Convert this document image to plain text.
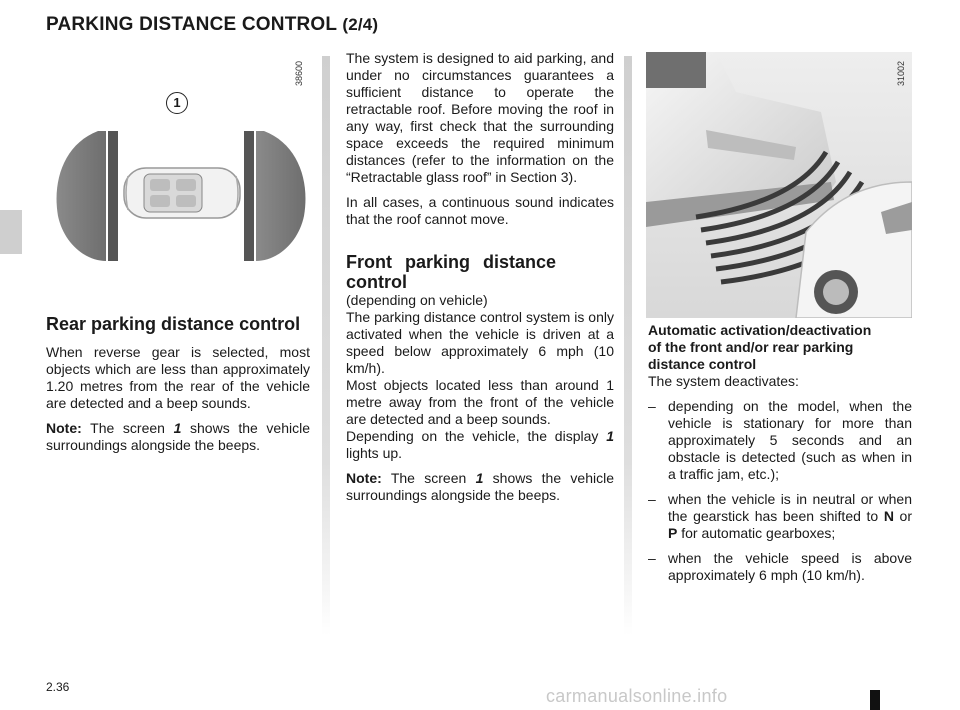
PARKING DISTANCE CONTROL (2/4)
1
38600	31002
Rear parking distance control

When reverse gear is selected, most objects which are less than approximately 1.20 metres from the rear of the vehicle are detected and a beep sounds.

Note: The screen 1 shows the vehicle surroundings alongside the beeps.

The system is designed to aid parking, and under no circumstances guarantees a sufficient distance to operate the retractable roof. Before moving the roof in any way, first check that the surrounding space exceeds the required minimum distances (refer to the information on the “Retractable glass roof” in Section 3).

In all cases, a continuous sound indicates that the roof cannot move.

Front parking distance control
(depending on vehicle)
The parking distance control system is only activated when the vehicle is driven at a speed below approximately 6 mph (10 km/h).
Most objects located less than around 1 metre away from the front of the vehicle are detected and a beep sounds.

Depending on the vehicle, the display 1 lights up.

Note: The screen 1 shows the vehicle surroundings alongside the beeps.

Automatic activation/deactivation of the front and/or rear parking distance control
The system deactivates:
– depending on the model, when the vehicle is stationary for more than approximately 5 seconds and an obstacle is detected (such as when in a traffic jam, etc.);
– when the vehicle is in neutral or when the gearstick has been shifted to N or P for automatic gearboxes;
– when the vehicle speed is above approximately 6 mph (10 km/h).
2.36	carmanualsonline.info
